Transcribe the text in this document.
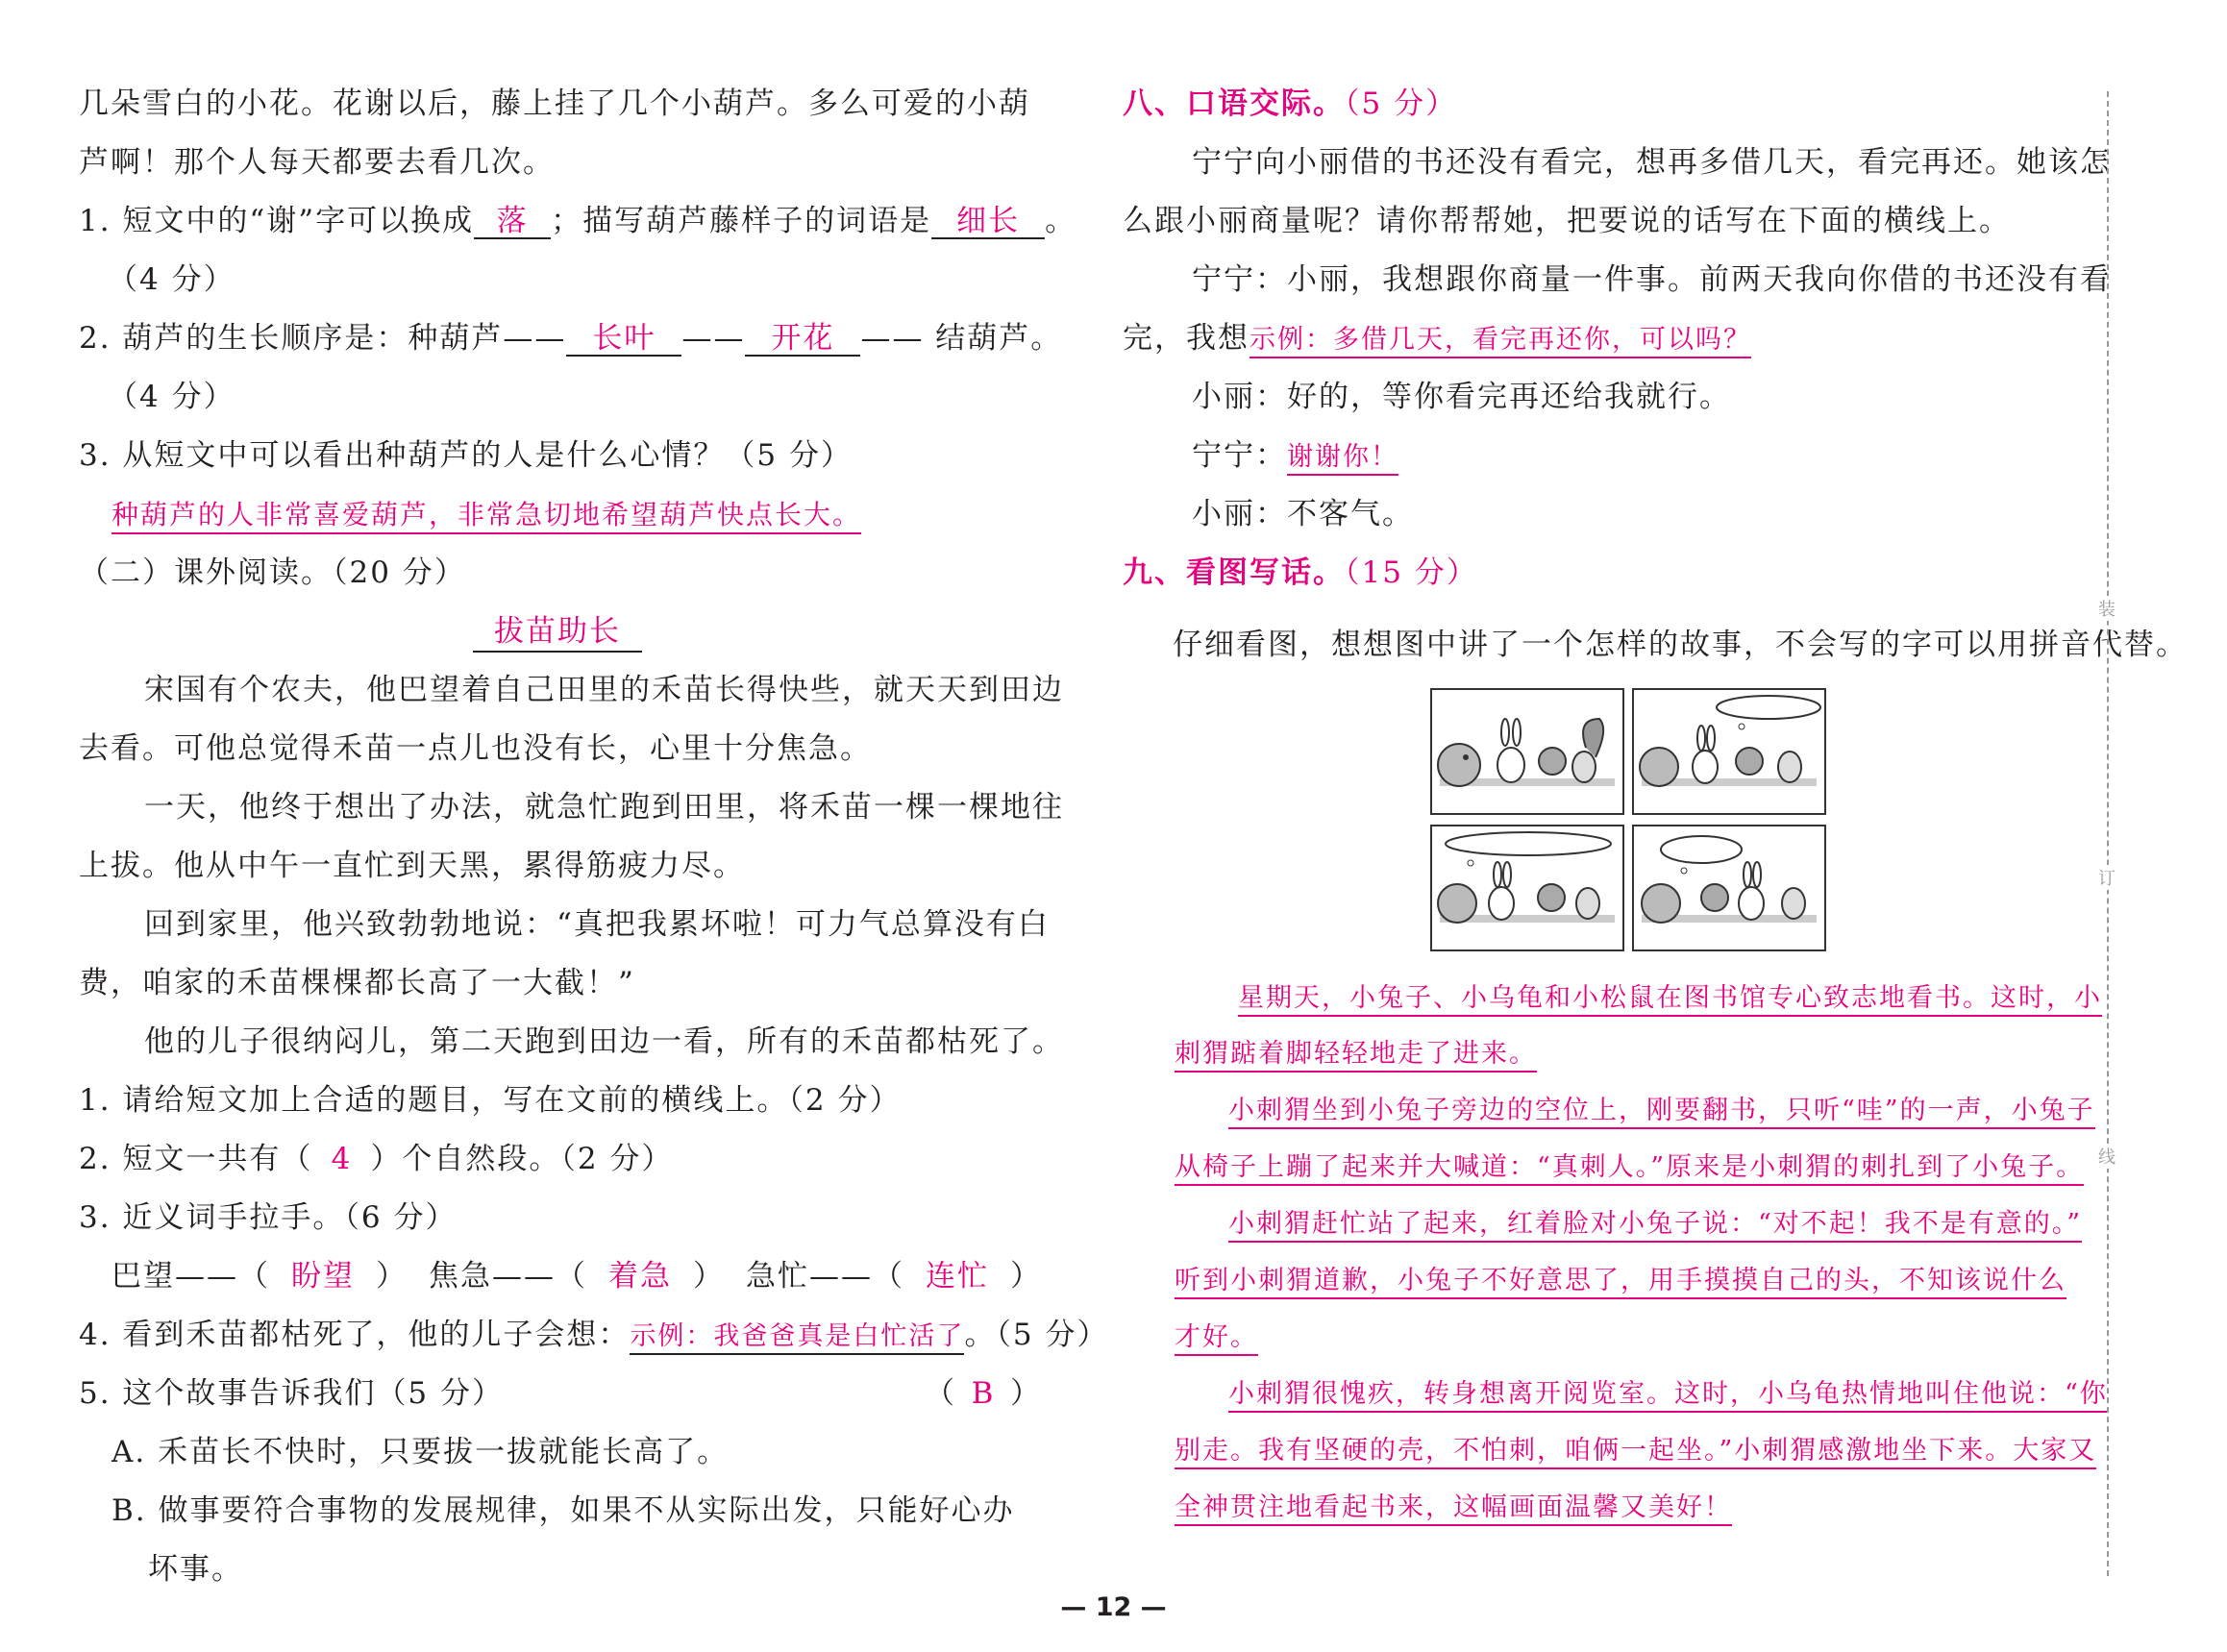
几朵雪白的小花。花谢以后，藤上挂了几个小葫芦。多么可爱的小葫
芦啊！那个人每天都要去看几次。
1. 短文中的“谢”字可以换成 落 ；描写葫芦藤样子的词语是 细长 。
（4 分）
2. 葫芦的生长顺序是：种葫芦—— 长叶 —— 开花 —— 结葫芦。
（4 分）
3. 从短文中可以看出种葫芦的人是什么心情？（5 分）
种葫芦的人非常喜爱葫芦，非常急切地希望葫芦快点长大。
（二）课外阅读。（20 分）
拔苗助长
宋国有个农夫，他巴望着自己田里的禾苗长得快些，就天天到田边
去看。可他总觉得禾苗一点儿也没有长，心里十分焦急。
一天，他终于想出了办法，就急忙跑到田里，将禾苗一棵一棵地往
上拔。他从中午一直忙到天黑，累得筋疲力尽。
回到家里，他兴致勃勃地说：“真把我累坏啦！可力气总算没有白
费，咱家的禾苗棵棵都长高了一大截！”
他的儿子很纳闷儿，第二天跑到田边一看，所有的禾苗都枯死了。
1. 请给短文加上合适的题目，写在文前的横线上。（2 分）
2. 短文一共有（ 4 ）个自然段。（2 分）
3. 近义词手拉手。（6 分）
巴望——（ 盼望 ） 焦急——（ 着急 ） 急忙——（ 连忙 ）
4. 看到禾苗都枯死了，他的儿子会想：示例：我爸爸真是白忙活了。（5 分）
5. 这个故事告诉我们（5 分）	（ B ）
A. 禾苗长不快时，只要拔一拔就能长高了。
B. 做事要符合事物的发展规律，如果不从实际出发，只能好心办
坏事。
八、口语交际。（5 分）
宁宁向小丽借的书还没有看完，想再多借几天，看完再还。她该怎
么跟小丽商量呢？请你帮帮她，把要说的话写在下面的横线上。
宁宁：小丽，我想跟你商量一件事。前两天我向你借的书还没有看
完，我想示例：多借几天，看完再还你，可以吗？
小丽：好的，等你看完再还给我就行。
宁宁：谢谢你！
小丽：不客气。
九、看图写话。（15 分）
仔细看图，想想图中讲了一个怎样的故事，不会写的字可以用拼音代替。
星期天，小兔子、小乌龟和小松鼠在图书馆专心致志地看书。这时，小
刺猬踮着脚轻轻地走了进来。
小刺猬坐到小兔子旁边的空位上，刚要翻书，只听“哇”的一声，小兔子
从椅子上蹦了起来并大喊道：“真刺人。”原来是小刺猬的刺扎到了小兔子。
小刺猬赶忙站了起来，红着脸对小兔子说：“对不起！我不是有意的。”
听到小刺猬道歉，小兔子不好意思了，用手摸摸自己的头，不知该说什么
才好。
小刺猬很愧疚，转身想离开阅览室。这时，小乌龟热情地叫住他说：“你
别走。我有坚硬的壳，不怕刺，咱俩一起坐。”小刺猬感激地坐下来。大家又
全神贯注地看起书来，这幅画面温馨又美好！
装
订
线
— 12 —
